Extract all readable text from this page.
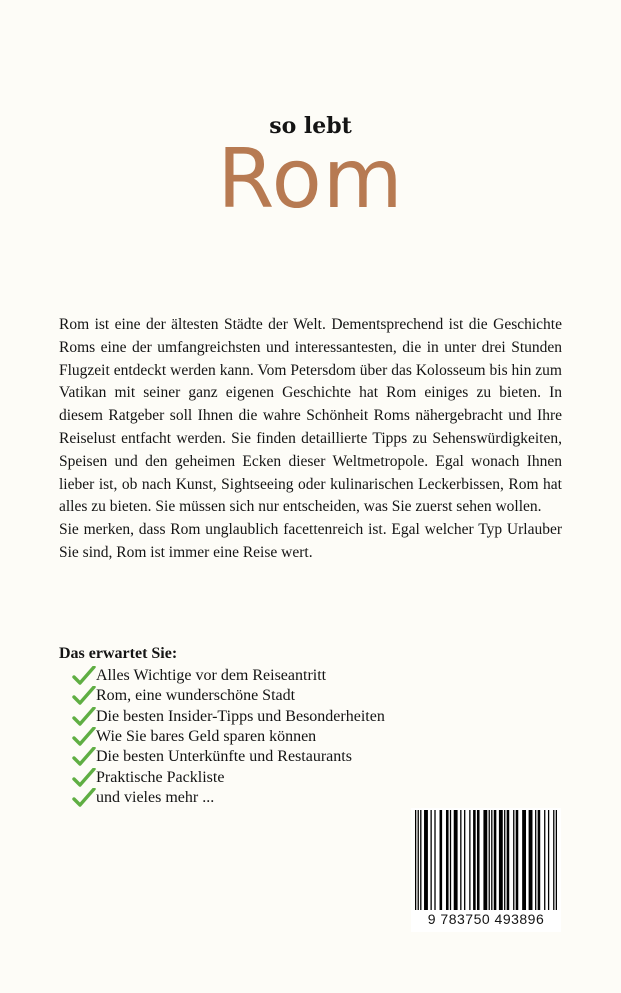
so lebt
Rom

Rom ist eine der ältesten Städte der Welt. Dementsprechend ist die Geschichte Roms eine der umfangreichsten und interessantesten, die in unter drei Stunden Flugzeit entdeckt werden kann. Vom Petersdom über das Kolosseum bis hin zum Vatikan mit seiner ganz eigenen Geschichte hat Rom einiges zu bieten. In diesem Ratgeber soll Ihnen die wahre Schönheit Roms nähergebracht und Ihre Reiselust entfacht werden. Sie finden detaillierte Tipps zu Sehenswürdigkeiten, Speisen und den geheimen Ecken dieser Weltmetropole. Egal wonach Ihnen lieber ist, ob nach Kunst, Sightseeing oder kulinarischen Leckerbissen, Rom hat alles zu bieten. Sie müssen sich nur entscheiden, was Sie zuerst sehen wollen.

Sie merken, dass Rom unglaublich facettenreich ist. Egal welcher Typ Urlauber Sie sind, Rom ist immer eine Reise wert.

Das erwartet Sie:
Alles Wichtige vor dem Reiseantritt
Rom, eine wunderschöne Stadt
Die besten Insider-Tipps und Besonderheiten
Wie Sie bares Geld sparen können
Die besten Unterkünfte und Restaurants
Praktische Packliste
und vieles mehr ...
9 783750 493896
